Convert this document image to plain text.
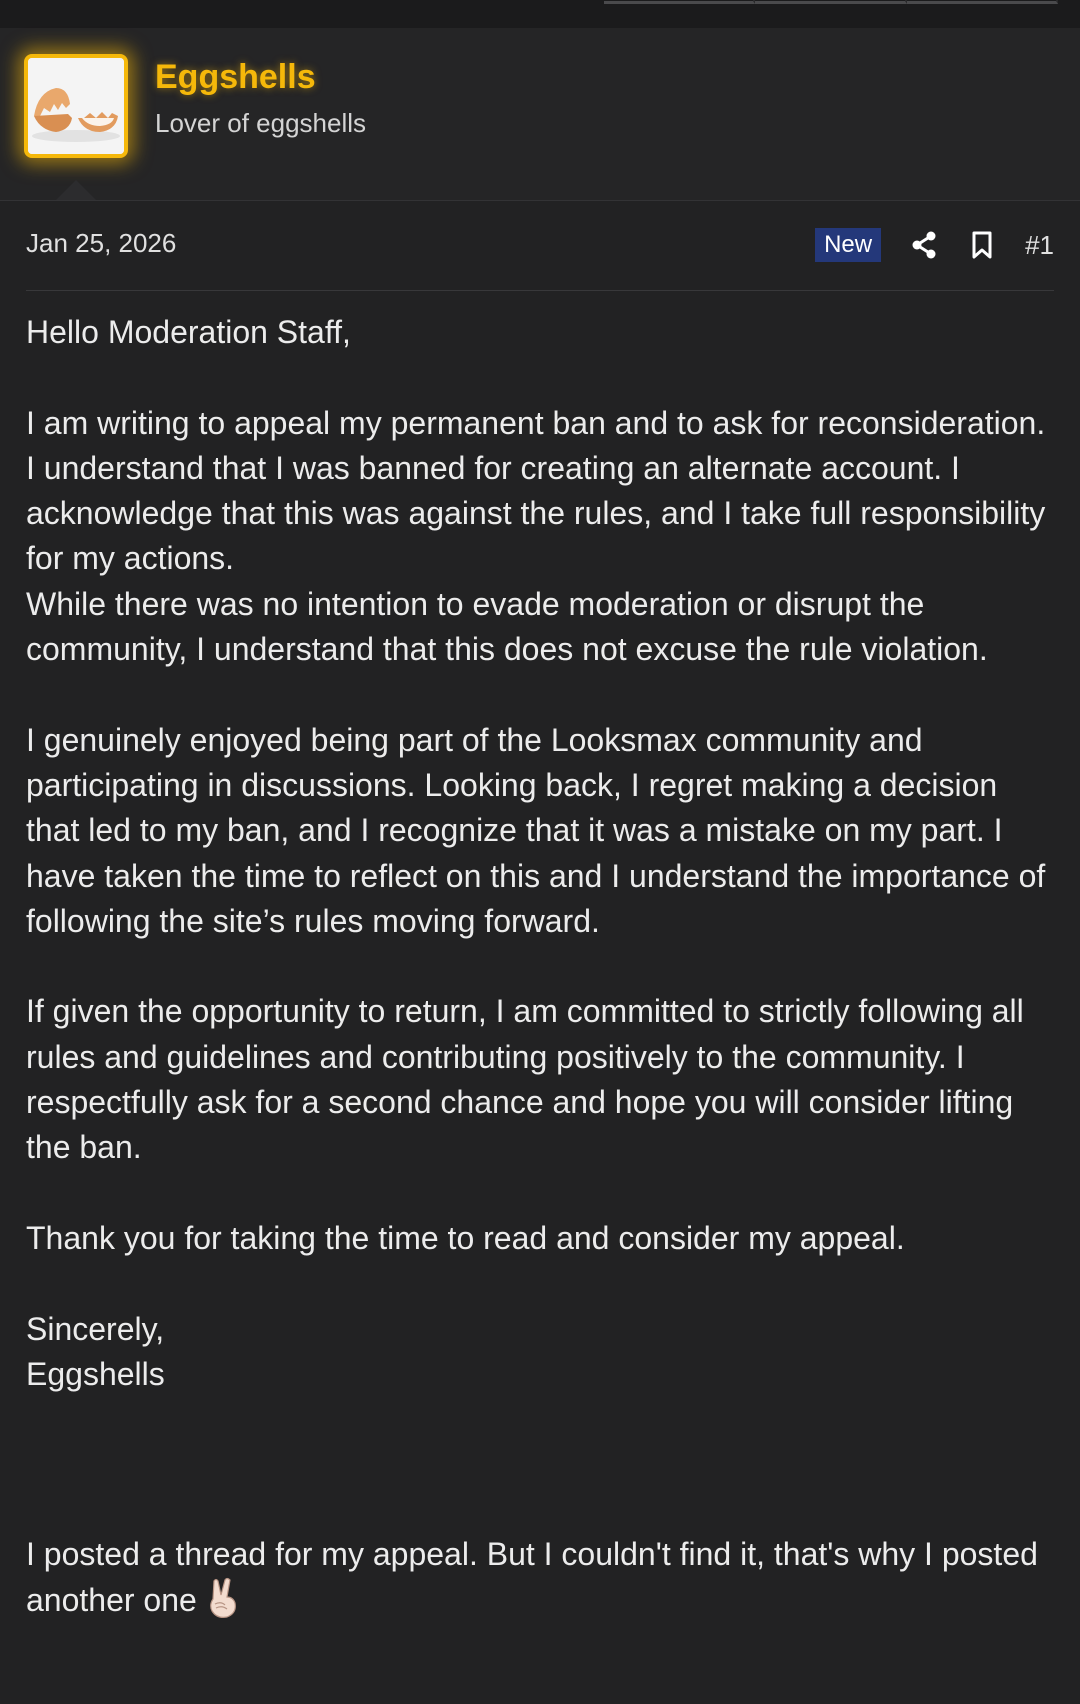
Eggshells
Lover of eggshells
Jan 25, 2026	New	#1

Hello Moderation Staff,

I am writing to appeal my permanent ban and to ask for reconsideration.
I understand that I was banned for creating an alternate account. I acknowledge that this was against the rules, and I take full responsibility for my actions.

While there was no intention to evade moderation or disrupt the community, I understand that this does not excuse the rule violation.

I genuinely enjoyed being part of the Looksmax community and participating in discussions. Looking back, I regret making a decision that led to my ban, and I recognize that it was a mistake on my part. I have taken the time to reflect on this and I understand the importance of following the site’s rules moving forward.

If given the opportunity to return, I am committed to strictly following all rules and guidelines and contributing positively to the community. I respectfully ask for a second chance and hope you will consider lifting the ban.

Thank you for taking the time to read and consider my appeal.

Sincerely,

Eggshells

I posted a thread for my appeal. But I couldn't find it, that's why I posted another one
